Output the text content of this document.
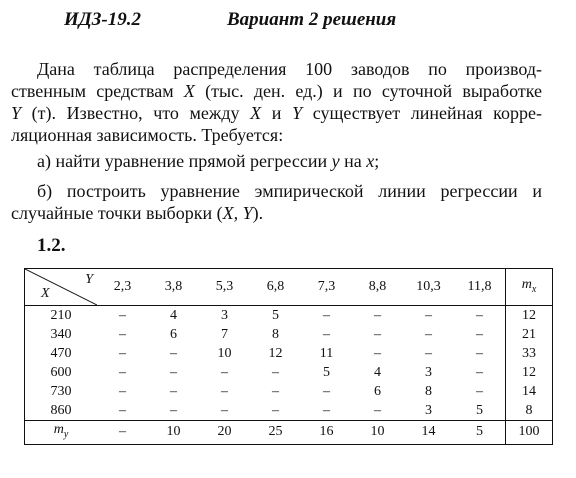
ИДЗ-19.2	Вариант 2 решения
Дана таблица распределения 100 заводов по производ-
ственным средствам X (тыс. ден. ед.) и по суточной выработке
Y (т). Известно, что между X и Y существует линейная корре-
ляционная зависимость. Требуется:
а) найти уравнение прямой регрессии y на x;
б) построить уравнение эмпирической линии регрессии и
случайные точки выборки (X, Y).
1.2.
Y
X	2,3	3,8	5,3	6,8	7,3	8,8	10,3	11,8	$m_x$
210	–	4	3	5	–	–	–	–	12
340	–	6	7	8	–	–	–	–	21
470	–	–	10	12	11	–	–	–	33
600	–	–	–	–	5	4	3	–	12
730	–	–	–	–	–	6	8	–	14
860	–	–	–	–	–	–	3	5	8
$m_y$	–	10	20	25	16	10	14	5	100
